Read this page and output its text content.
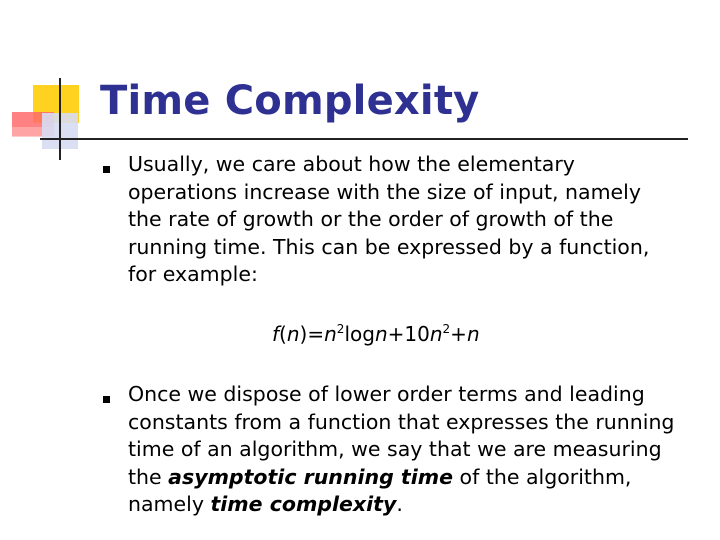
Time Complexity
Usually, we care about how the elementary operations increase with the size of input, namely the rate of growth or the order of growth of the running time. This can be expressed by a function, for example:
$f(n)=n^2\log n+10n^2+n$
Once we dispose of lower order terms and leading constants from a function that expresses the running time of an algorithm, we say that we are measuring the asymptotic running time of the algorithm, namely time complexity.
